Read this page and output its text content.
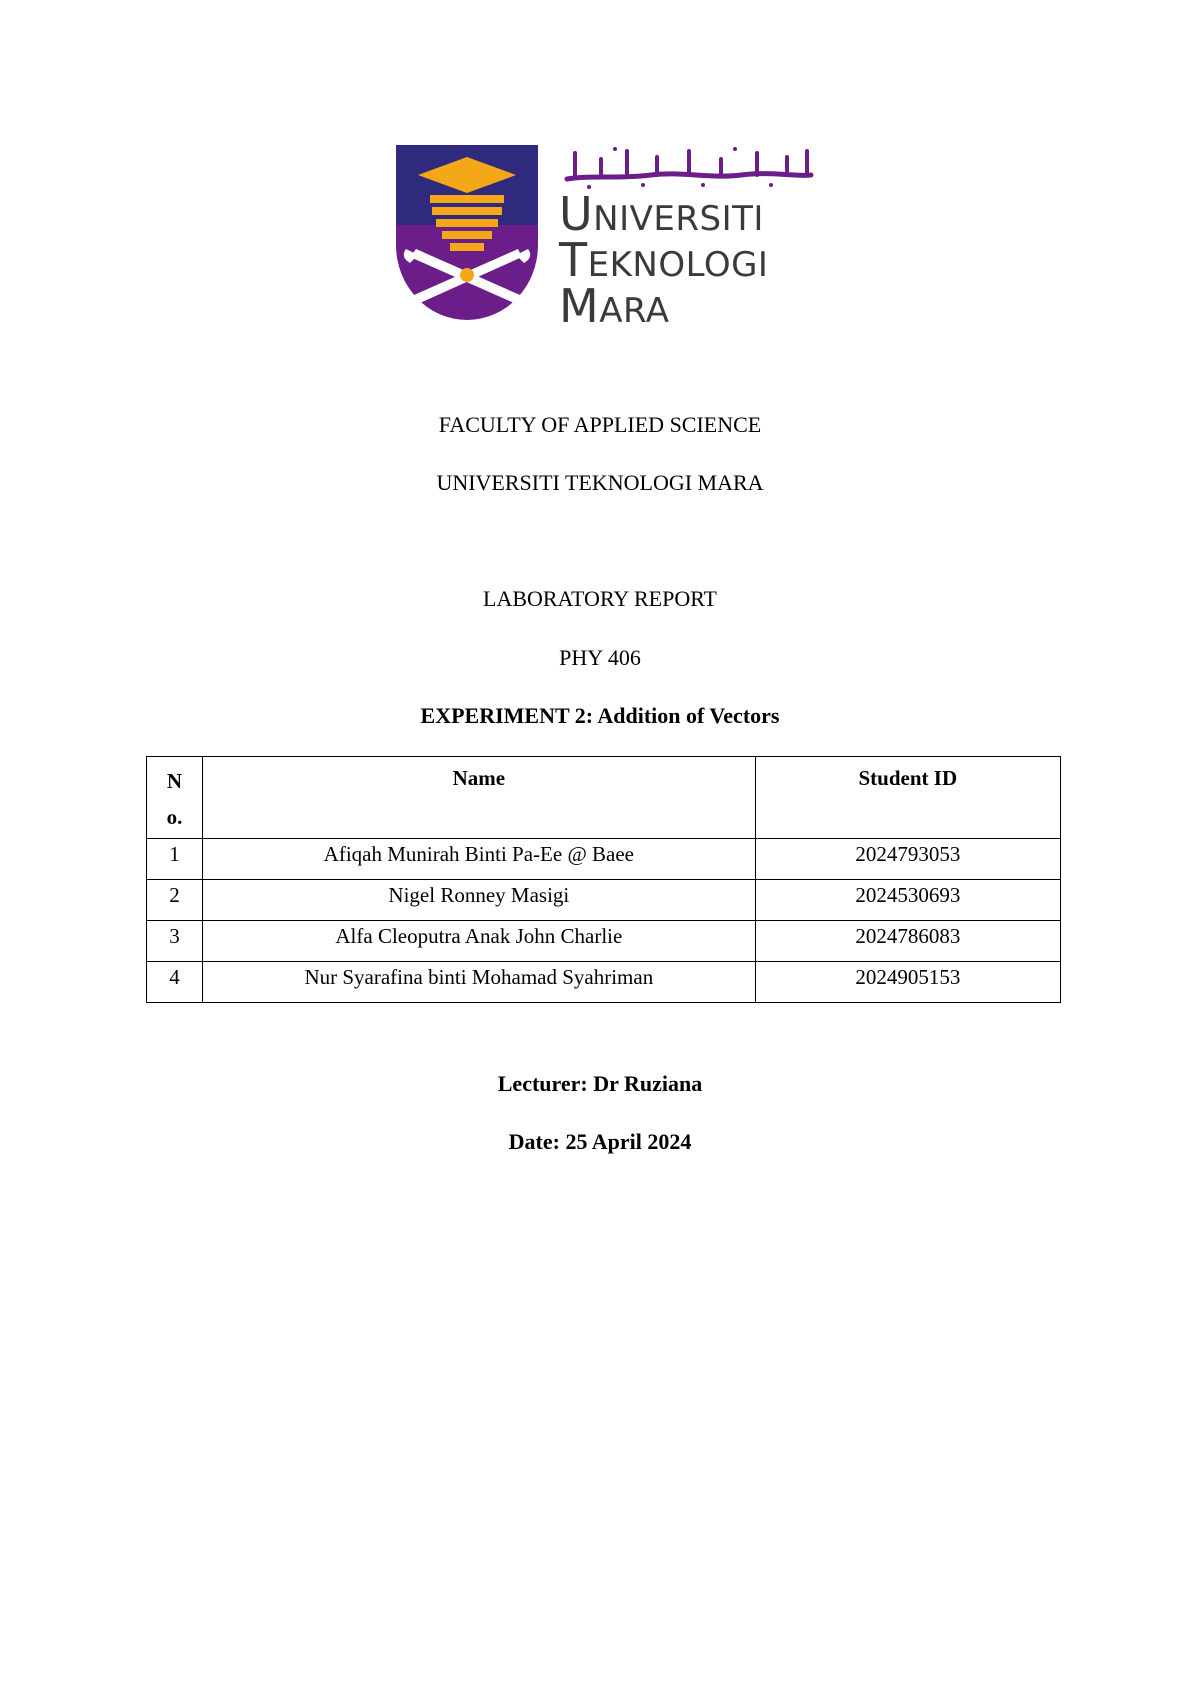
UNIVERSITI
TEKNOLOGI
MARA
FACULTY OF APPLIED SCIENCE
UNIVERSITI TEKNOLOGI MARA
LABORATORY REPORT
PHY 406
EXPERIMENT 2: Addition of Vectors
No.	Name	Student ID
1	Afiqah Munirah Binti Pa-Ee @ Baee	2024793053
2	Nigel Ronney Masigi	2024530693
3	Alfa Cleoputra Anak John Charlie	2024786083
4	Nur Syarafina binti Mohamad Syahriman	2024905153
Lecturer: Dr Ruziana
Date: 25 April 2024
